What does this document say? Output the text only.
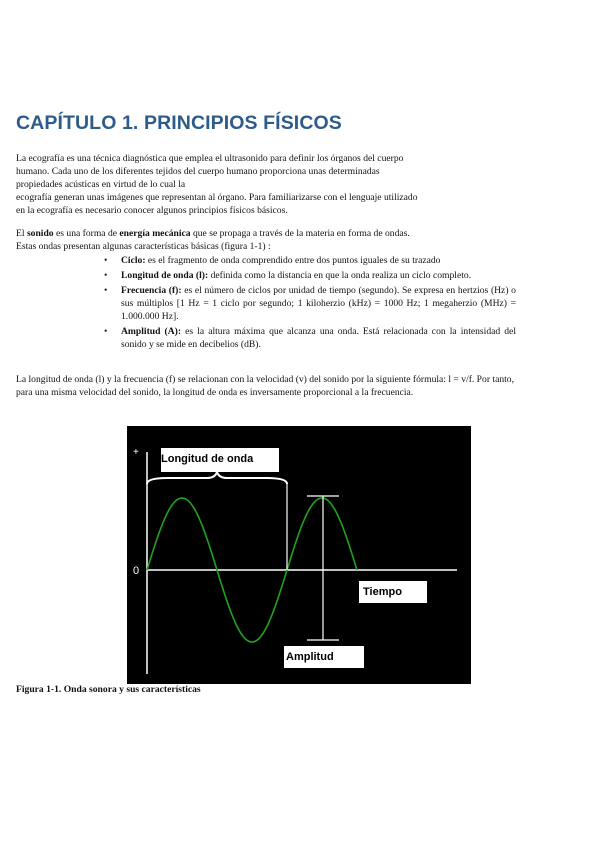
CAPÍTULO 1. PRINCIPIOS FÍSICOS
La ecografía es una técnica diagnóstica que emplea el ultrasonido para definir los órganos del cuerpo
humano. Cada uno de los diferentes tejidos del cuerpo humano proporciona unas determinadas
propiedades acústicas en virtud de lo cual la
ecografía generan unas imágenes que representan al órgano. Para familiarizarse con el lenguaje utilizado
en la ecografía es necesario conocer algunos principios físicos básicos.
El sonido es una forma de energía mecánica que se propaga a través de la materia en forma de ondas.
Estas ondas presentan algunas características básicas (figura 1-1) :
• Ciclo: es el fragmento de onda comprendido entre dos puntos iguales de su trazado
• Longitud de onda (l): definida como la distancia en que la onda realiza un ciclo completo.
• Frecuencia (f): es el número de ciclos por unidad de tiempo (segundo). Se expresa en hertzios (Hz) o sus múltiplos [1 Hz = 1 ciclo por segundo; 1 kiloherzio (kHz) = 1000 Hz; 1 megaherzio (MHz) = 1.000.000 Hz].
• Amplitud (A): es la altura máxima que alcanza una onda. Está relacionada con la intensidad del sonido y se mide en decibelios (dB).

La longitud de onda (l) y la frecuencia (f) se relacionan con la velocidad (v) del sonido por la siguiente fórmula: l = v/f. Por tanto, para una misma velocidad del sonido, la longitud de onda es inversamente proporcional a la frecuencia.

+
0
Longitud de onda
Tiempo
Amplitud

Figura 1-1. Onda sonora y sus características
